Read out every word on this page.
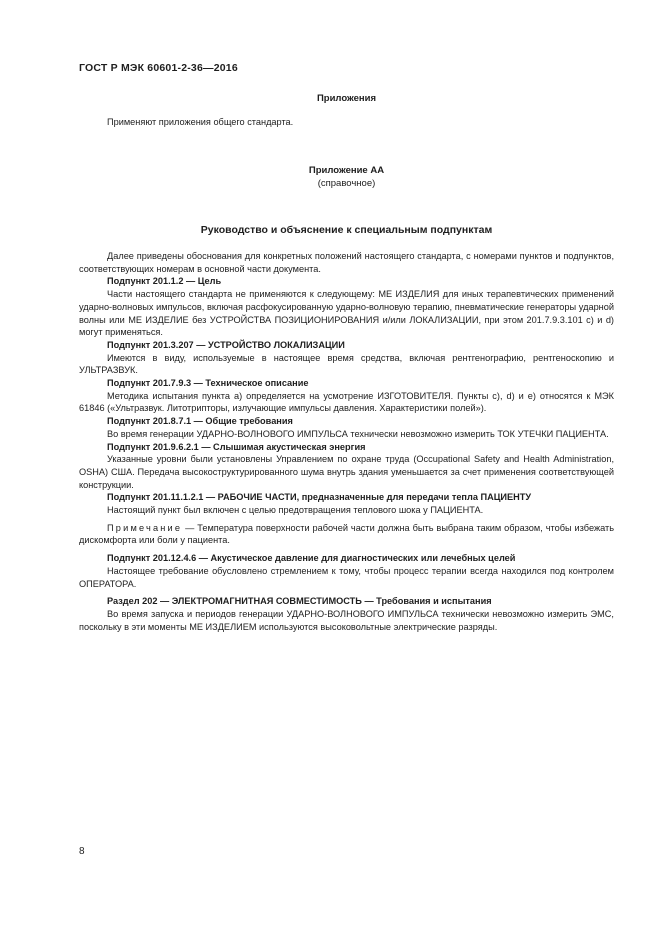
ГОСТ Р МЭК 60601-2-36—2016
Приложения

Применяют приложения общего стандарта.

Приложение АА
(справочное)
Руководство и объяснение к специальным подпунктам

Далее приведены обоснования для конкретных положений настоящего стандарта, с номерами пунктов и подпунктов, соответствующих номерам в основной части документа.

Подпункт 201.1.2 — Цель

Части настоящего стандарта не применяются к следующему: МЕ ИЗДЕЛИЯ для иных терапевтических применений ударно-волновых импульсов, включая расфокусированную ударно-волновую терапию, пневматические генераторы ударной волны или МЕ ИЗДЕЛИЕ без УСТРОЙСТВА ПОЗИЦИОНИРОВАНИЯ и/или ЛОКАЛИЗАЦИИ, при этом 201.7.9.3.101 с) и d) могут применяться.

Подпункт 201.3.207 — УСТРОЙСТВО ЛОКАЛИЗАЦИИ

Имеются в виду, используемые в настоящее время средства, включая рентгенографию, рентгеноскопию и УЛЬТРАЗВУК.

Подпункт 201.7.9.3 — Техническое описание

Методика испытания пункта а) определяется на усмотрение ИЗГОТОВИТЕЛЯ. Пункты с), d) и е) относятся к МЭК 61846 («Ультразвук. Литотрипторы, излучающие импульсы давления. Характеристики полей»).

Подпункт 201.8.7.1 — Общие требования

Во время генерации УДАРНО-ВОЛНОВОГО ИМПУЛЬСА технически невозможно измерить ТОК УТЕЧКИ ПАЦИЕНТА.

Подпункт 201.9.6.2.1 — Слышимая акустическая энергия

Указанные уровни были установлены Управлением по охране труда (Occupational Safety and Health Administration, OSHA) США. Передача высокоструктурированного шума внутрь здания уменьшается за счет применения соответствующей конструкции.

Подпункт 201.11.1.2.1 — РАБОЧИЕ ЧАСТИ, предназначенные для передачи тепла ПАЦИЕНТУ

Настоящий пункт был включен с целью предотвращения теплового шока у ПАЦИЕНТА.

Примечание — Температура поверхности рабочей части должна быть выбрана таким образом, чтобы избежать дискомфорта или боли у пациента.

Подпункт 201.12.4.6 — Акустическое давление для диагностических или лечебных целей

Настоящее требование обусловлено стремлением к тому, чтобы процесс терапии всегда находился под контролем ОПЕРАТОРА.

Раздел 202 — ЭЛЕКТРОМАГНИТНАЯ СОВМЕСТИМОСТЬ — Требования и испытания

Во время запуска и периодов генерации УДАРНО-ВОЛНОВОГО ИМПУЛЬСА технически невозможно измерить ЭМС, поскольку в эти моменты МЕ ИЗДЕЛИЕМ используются высоковольтные электрические разряды.

8
